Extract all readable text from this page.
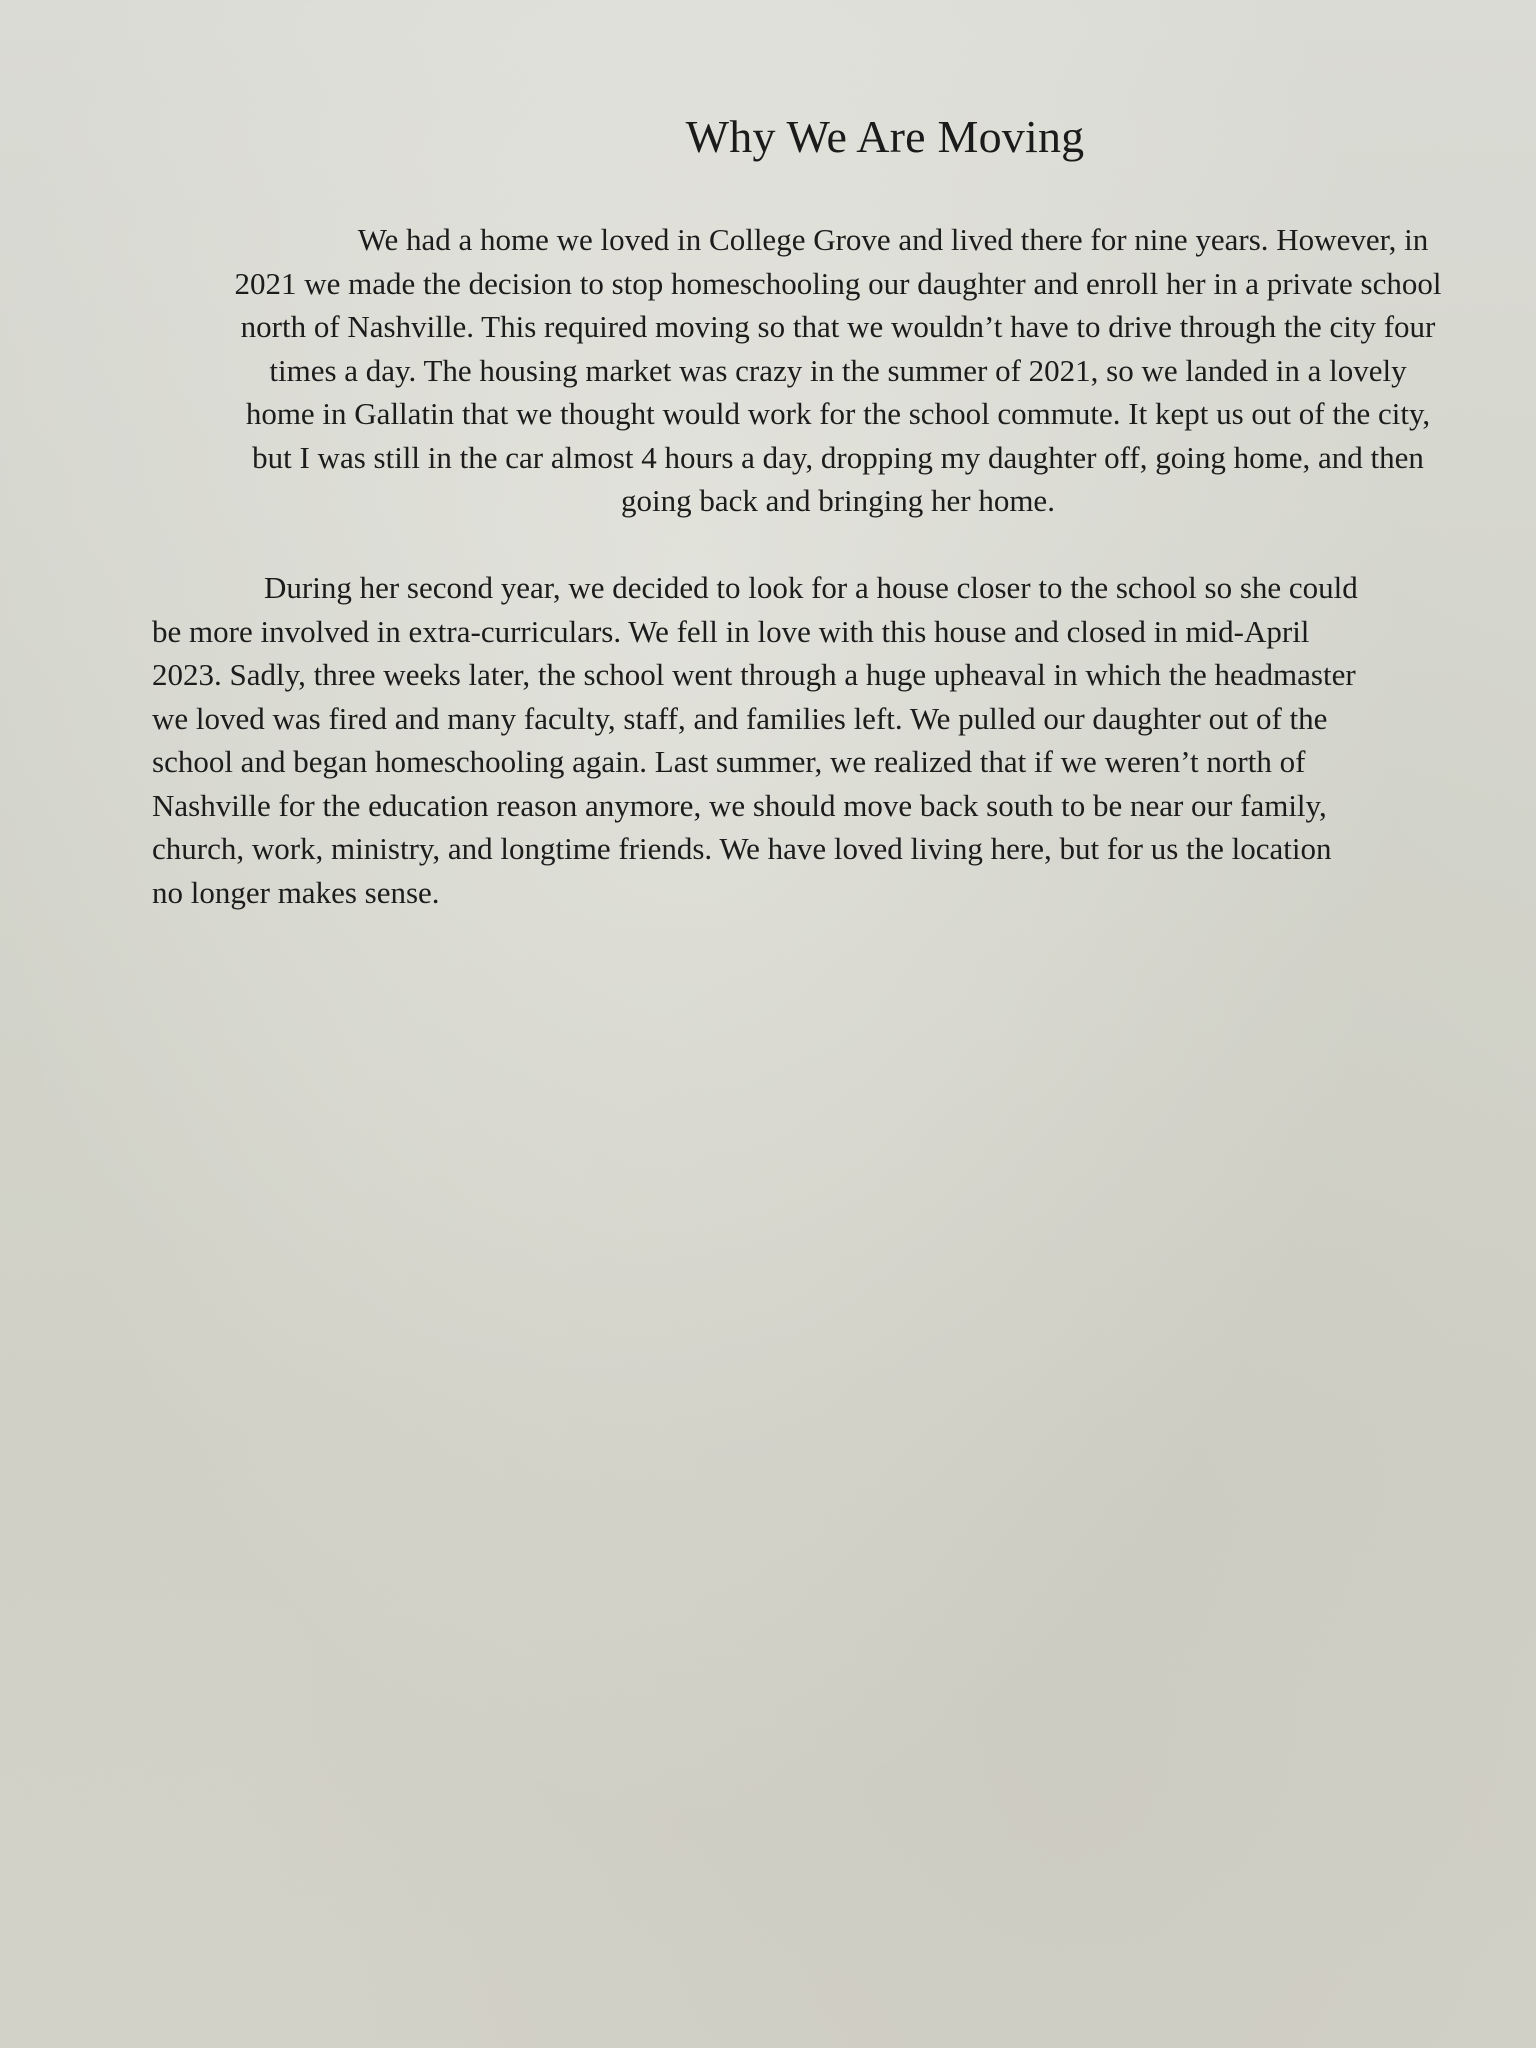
Why We Are Moving

We had a home we loved in College Grove and lived there for nine years. However, in
2021 we made the decision to stop homeschooling our daughter and enroll her in a private school
north of Nashville. This required moving so that we wouldn’t have to drive through the city four
times a day. The housing market was crazy in the summer of 2021, so we landed in a lovely
home in Gallatin that we thought would work for the school commute. It kept us out of the city,
but I was still in the car almost 4 hours a day, dropping my daughter off, going home, and then
going back and bringing her home.

During her second year, we decided to look for a house closer to the school so she could
be more involved in extra-curriculars. We fell in love with this house and closed in mid-April
2023. Sadly, three weeks later, the school went through a huge upheaval in which the headmaster
we loved was fired and many faculty, staff, and families left. We pulled our daughter out of the
school and began homeschooling again. Last summer, we realized that if we weren’t north of
Nashville for the education reason anymore, we should move back south to be near our family,
church, work, ministry, and longtime friends. We have loved living here, but for us the location
no longer makes sense.
